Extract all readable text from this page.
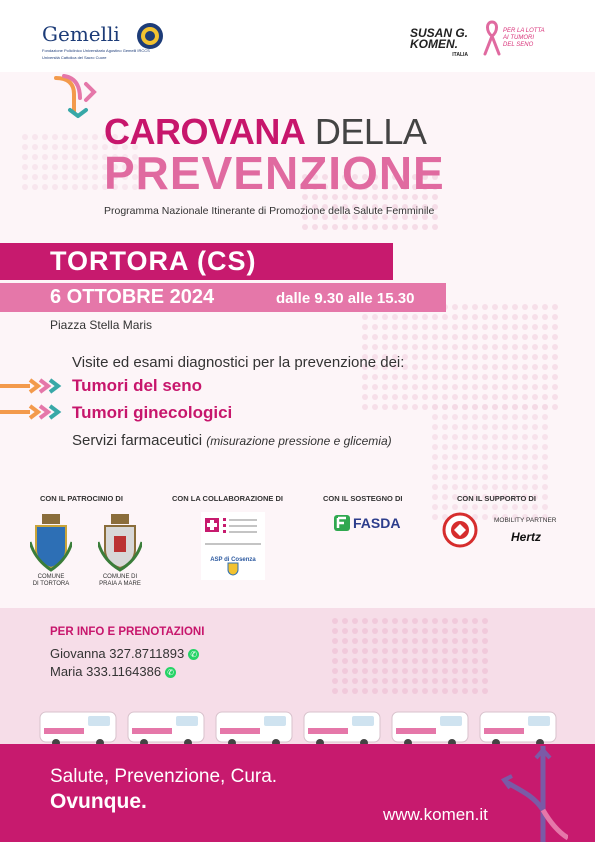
Gemelli
Fondazione Policlinico Universitario Agostino Gemelli IRCCS
Università Cattolica del Sacro Cuore
SUSAN G.
KOMEN.
ITALIA
PER LA LOTTA
AI TUMORI
DEL SENO
CAROVANA DELLA
PREVENZIONE
Programma Nazionale Itinerante di Promozione della Salute Femminile
TORTORA (CS)
6 OTTOBRE 2024	dalle 9.30 alle 15.30
Piazza Stella Maris
Visite ed esami diagnostici per la prevenzione dei:
Tumori del seno
Tumori ginecologici
Servizi farmaceutici (misurazione pressione e glicemia)
CON IL PATROCINIO DI	CON LA COLLABORAZIONE DI	CON IL SOSTEGNO DI	CON IL SUPPORTO DI
COMUNE
DI TORTORA
COMUNE DI
PRAIA A MARE
ASP di Cosenza
FASDA	MOBILITY PARTNER
Hertz
PER INFO E PRENOTAZIONI
Giovanna 327.8711893 ✆
Maria 333.1164386 ✆
Salute, Prevenzione, Cura.
Ovunque.
www.komen.it
